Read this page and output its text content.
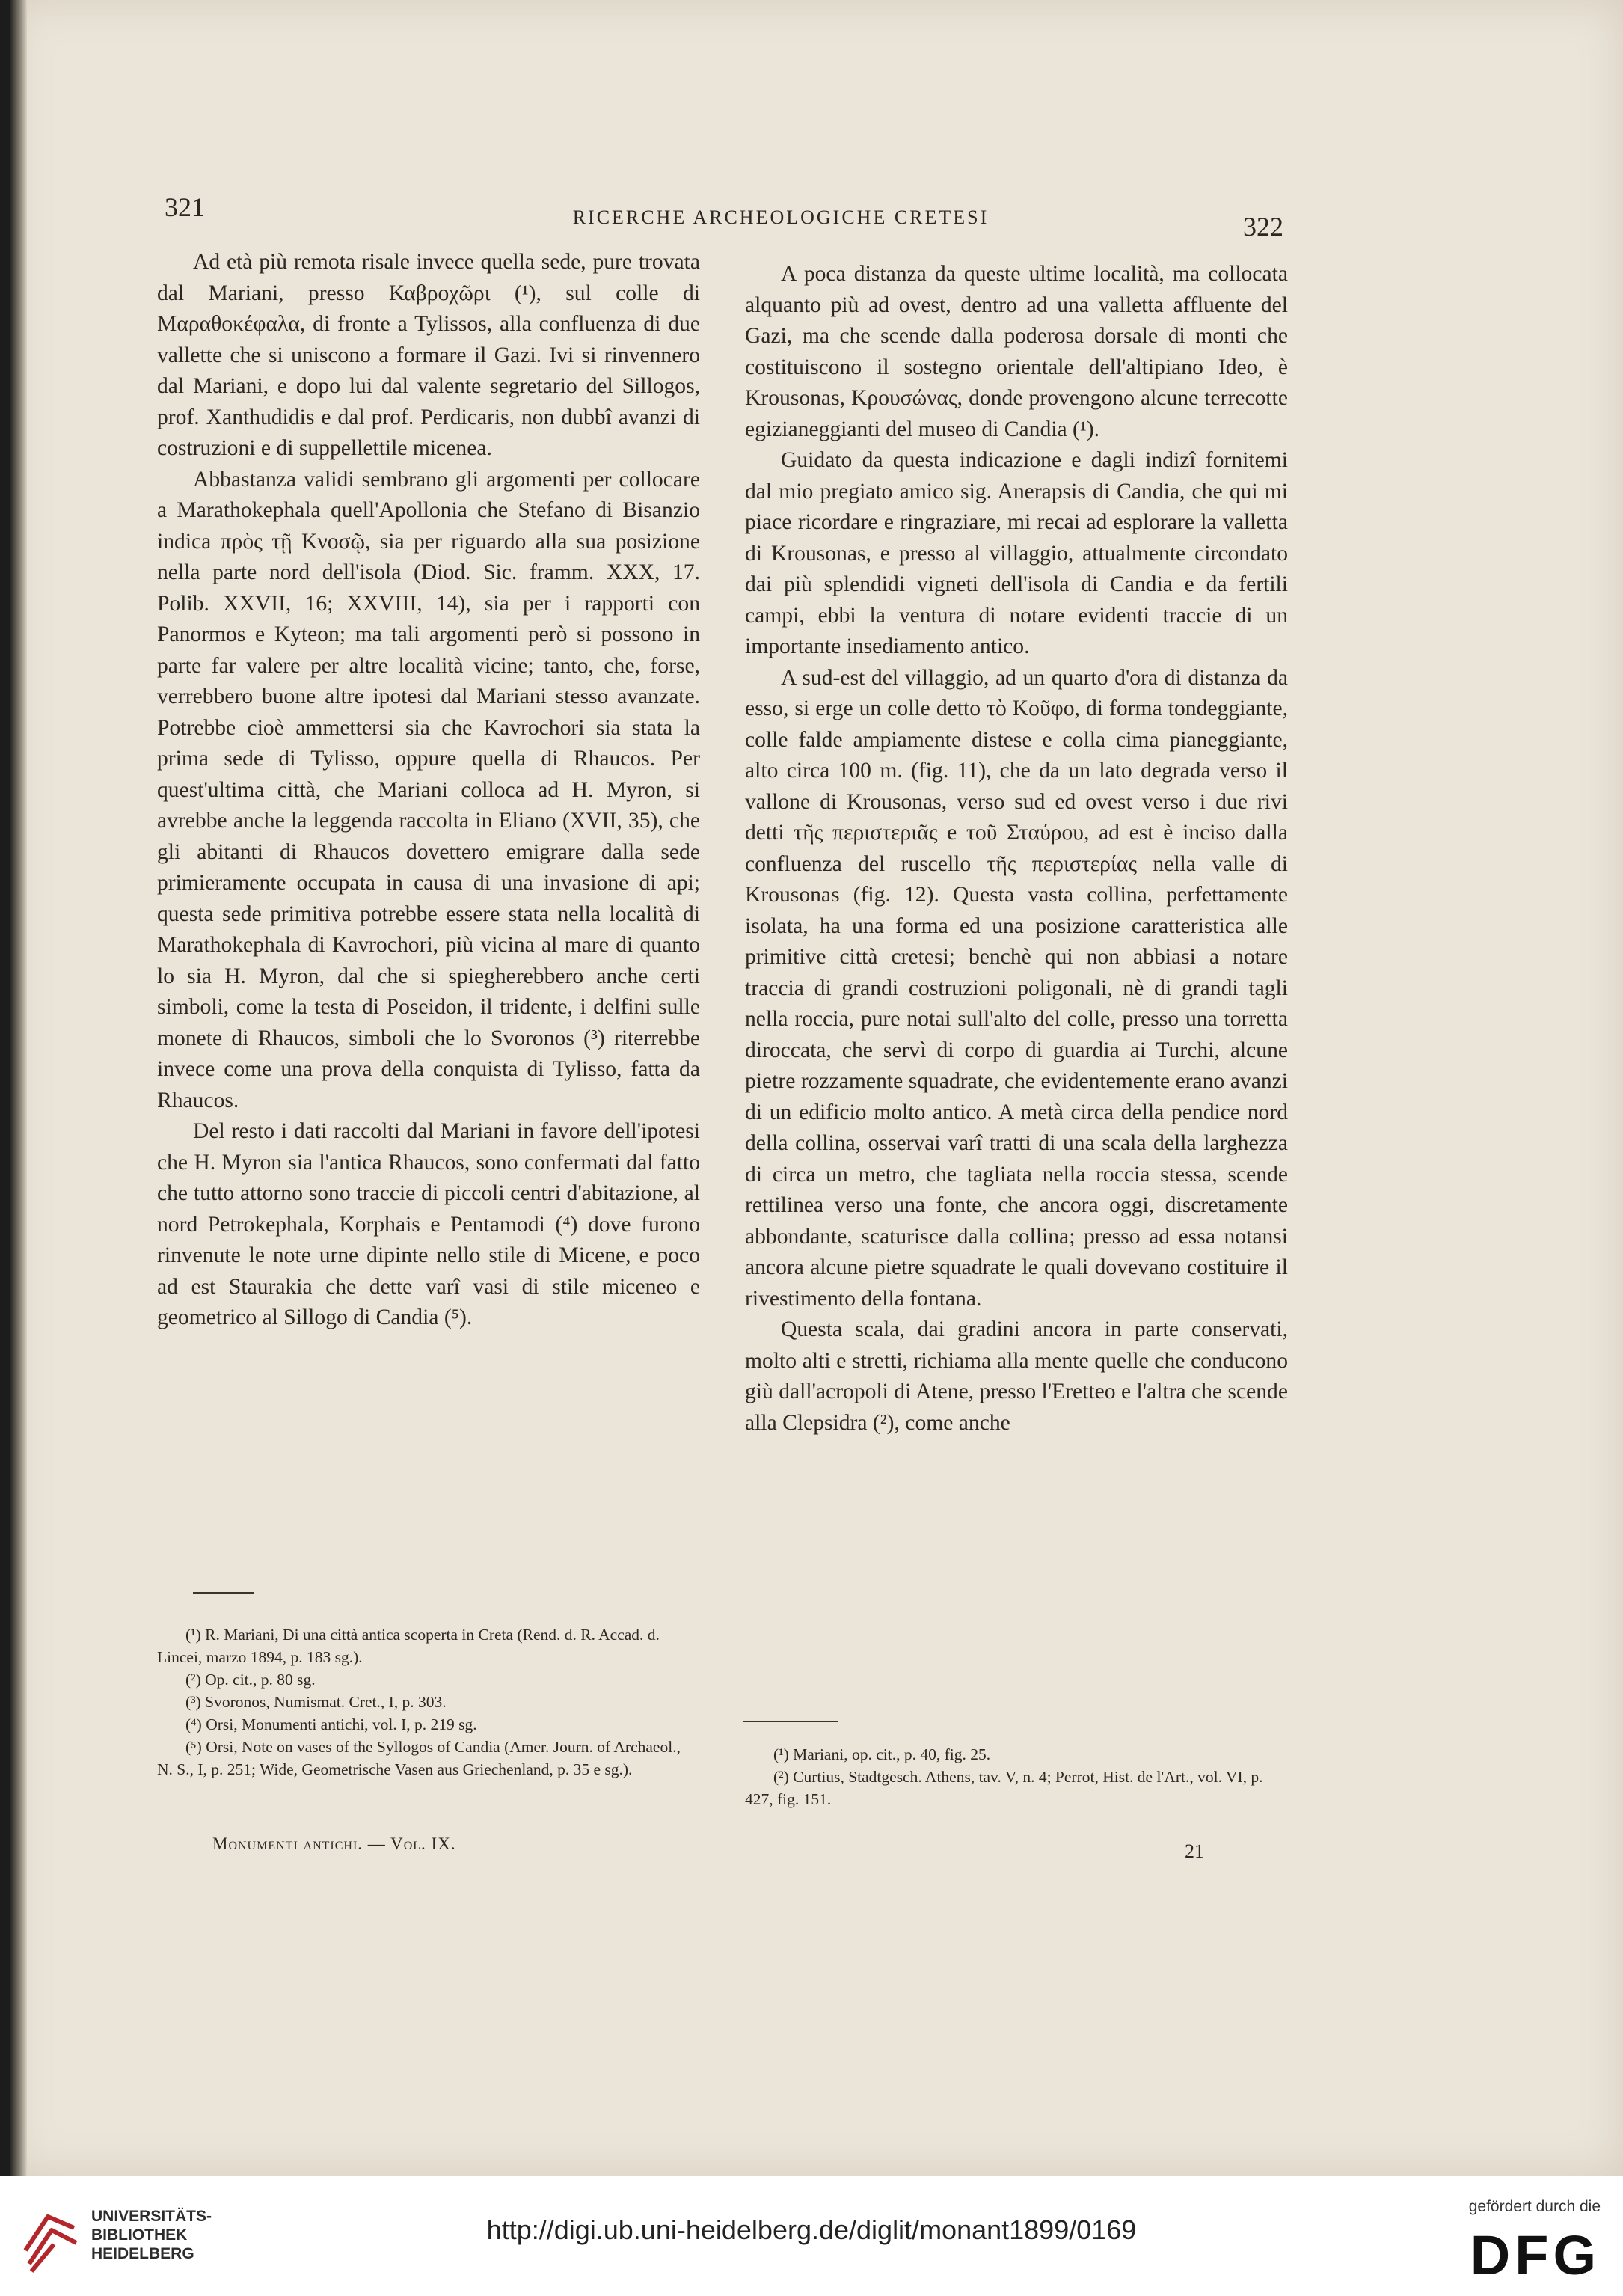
321	RICERCHE ARCHEOLOGICHE CRETESI	322

Ad età più remota risale invece quella sede, pure trovata dal Mariani, presso Καβροχῶρι (¹), sul colle di Μαραθοκέφαλα, di fronte a Tylissos, alla confluenza di due vallette che si uniscono a formare il Gazi. Ivi si rinvennero dal Mariani, e dopo lui dal valente segretario del Sillogos, prof. Xanthudidis e dal prof. Perdicaris, non dubbî avanzi di costruzioni e di suppellettile micenea.

Abbastanza validi sembrano gli argomenti per collocare a Marathokephala quell'Apollonia che Stefano di Bisanzio indica πρὸς τῇ Κνοσῷ, sia per riguardo alla sua posizione nella parte nord dell'isola (Diod. Sic. framm. XXX, 17. Polib. XXVII, 16; XXVIII, 14), sia per i rapporti con Panormos e Kyteon; ma tali argomenti però si possono in parte far valere per altre località vicine; tanto, che, forse, verrebbero buone altre ipotesi dal Mariani stesso avanzate. Potrebbe cioè ammettersi sia che Kavrochori sia stata la prima sede di Tylisso, oppure quella di Rhaucos. Per quest'ultima città, che Mariani colloca ad H. Myron, si avrebbe anche la leggenda raccolta in Eliano (XVII, 35), che gli abitanti di Rhaucos dovettero emigrare dalla sede primieramente occupata in causa di una invasione di api; questa sede primitiva potrebbe essere stata nella località di Marathokephala di Kavrochori, più vicina al mare di quanto lo sia H. Myron, dal che si spiegherebbero anche certi simboli, come la testa di Poseidon, il tridente, i delfini sulle monete di Rhaucos, simboli che lo Svoronos (³) riterrebbe invece come una prova della conquista di Tylisso, fatta da Rhaucos.

Del resto i dati raccolti dal Mariani in favore dell'ipotesi che H. Myron sia l'antica Rhaucos, sono confermati dal fatto che tutto attorno sono traccie di piccoli centri d'abitazione, al nord Petrokephala, Korphais e Pentamodi (⁴) dove furono rinvenute le note urne dipinte nello stile di Micene, e poco ad est Staurakia che dette varî vasi di stile miceneo e geometrico al Sillogo di Candia (⁵).

(¹) R. Mariani, Di una città antica scoperta in Creta (Rend. d. R. Accad. d. Lincei, marzo 1894, p. 183 sg.).

(²) Op. cit., p. 80 sg.

(³) Svoronos, Numismat. Cret., I, p. 303.

(⁴) Orsi, Monumenti antichi, vol. I, p. 219 sg.

(⁵) Orsi, Note on vases of the Syllogos of Candia (Amer. Journ. of Archaeol., N. S., I, p. 251; Wide, Geometrische Vasen aus Griechenland, p. 35 e sg.).

Monumenti antichi. — Vol. IX.

A poca distanza da queste ultime località, ma collocata alquanto più ad ovest, dentro ad una valletta affluente del Gazi, ma che scende dalla poderosa dorsale di monti che costituiscono il sostegno orientale dell'altipiano Ideo, è Krousonas, Κρουσώνας, donde provengono alcune terrecotte egizianeggianti del museo di Candia (¹).

Guidato da questa indicazione e dagli indizî fornitemi dal mio pregiato amico sig. Anerapsis di Candia, che qui mi piace ricordare e ringraziare, mi recai ad esplorare la valletta di Krousonas, e presso al villaggio, attualmente circondato dai più splendidi vigneti dell'isola di Candia e da fertili campi, ebbi la ventura di notare evidenti traccie di un importante insediamento antico.

A sud-est del villaggio, ad un quarto d'ora di distanza da esso, si erge un colle detto τὸ Κοῦφο, di forma tondeggiante, colle falde ampiamente distese e colla cima pianeggiante, alto circa 100 m. (fig. 11), che da un lato degrada verso il vallone di Krousonas, verso sud ed ovest verso i due rivi detti τῆς περιστεριᾶς e τοῦ Σταύρου, ad est è inciso dalla confluenza del ruscello τῆς περιστερίας nella valle di Krousonas (fig. 12). Questa vasta collina, perfettamente isolata, ha una forma ed una posizione caratteristica alle primitive città cretesi; benchè qui non abbiasi a notare traccia di grandi costruzioni poligonali, nè di grandi tagli nella roccia, pure notai sull'alto del colle, presso una torretta diroccata, che servì di corpo di guardia ai Turchi, alcune pietre rozzamente squadrate, che evidentemente erano avanzi di un edificio molto antico. A metà circa della pendice nord della collina, osservai varî tratti di una scala della larghezza di circa un metro, che tagliata nella roccia stessa, scende rettilinea verso una fonte, che ancora oggi, discretamente abbondante, scaturisce dalla collina; presso ad essa notansi ancora alcune pietre squadrate le quali dovevano costituire il rivestimento della fontana.

Questa scala, dai gradini ancora in parte conservati, molto alti e stretti, richiama alla mente quelle che conducono giù dall'acropoli di Atene, presso l'Eretteo e l'altra che scende alla Clepsidra (²), come anche

(¹) Mariani, op. cit., p. 40, fig. 25.

(²) Curtius, Stadtgesch. Athens, tav. V, n. 4; Perrot, Hist. de l'Art., vol. VI, p. 427, fig. 151.

21
UNIVERSITÄTS-
BIBLIOTHEK
HEIDELBERG
http://digi.ub.uni-heidelberg.de/diglit/monant1899/0169
gefördert durch die
DFG
